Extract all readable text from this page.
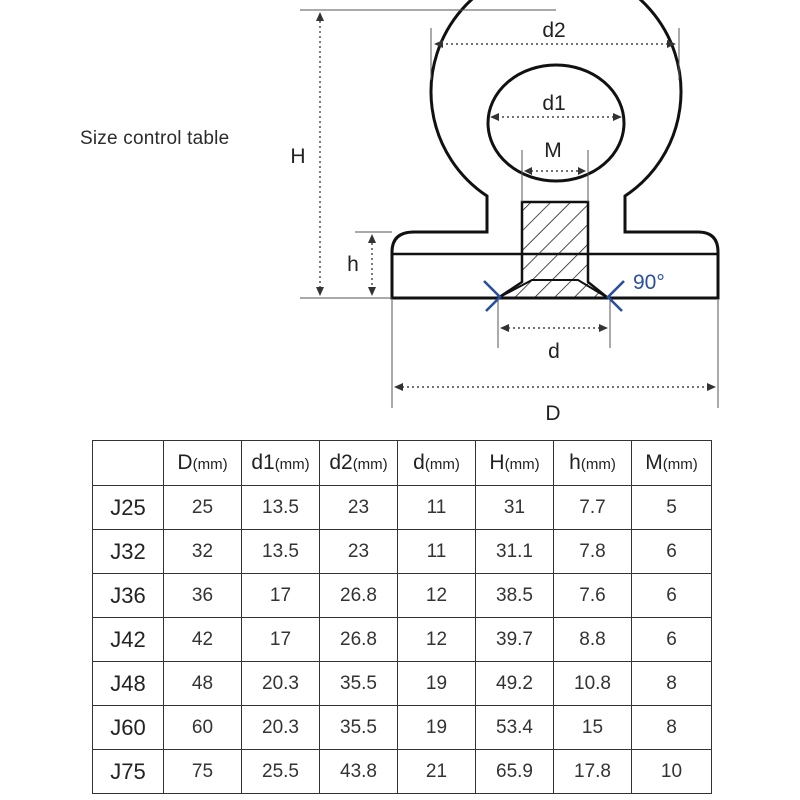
Size control table
d2
d1
M
H
h
90°
d
D
	D(mm)	d1(mm)	d2(mm)	d(mm)	H(mm)	h(mm)	M(mm)
J25	25	13.5	23	11	31	7.7	5
J32	32	13.5	23	11	31.1	7.8	6
J36	36	17	26.8	12	38.5	7.6	6
J42	42	17	26.8	12	39.7	8.8	6
J48	48	20.3	35.5	19	49.2	10.8	8
J60	60	20.3	35.5	19	53.4	15	8
J75	75	25.5	43.8	21	65.9	17.8	10
